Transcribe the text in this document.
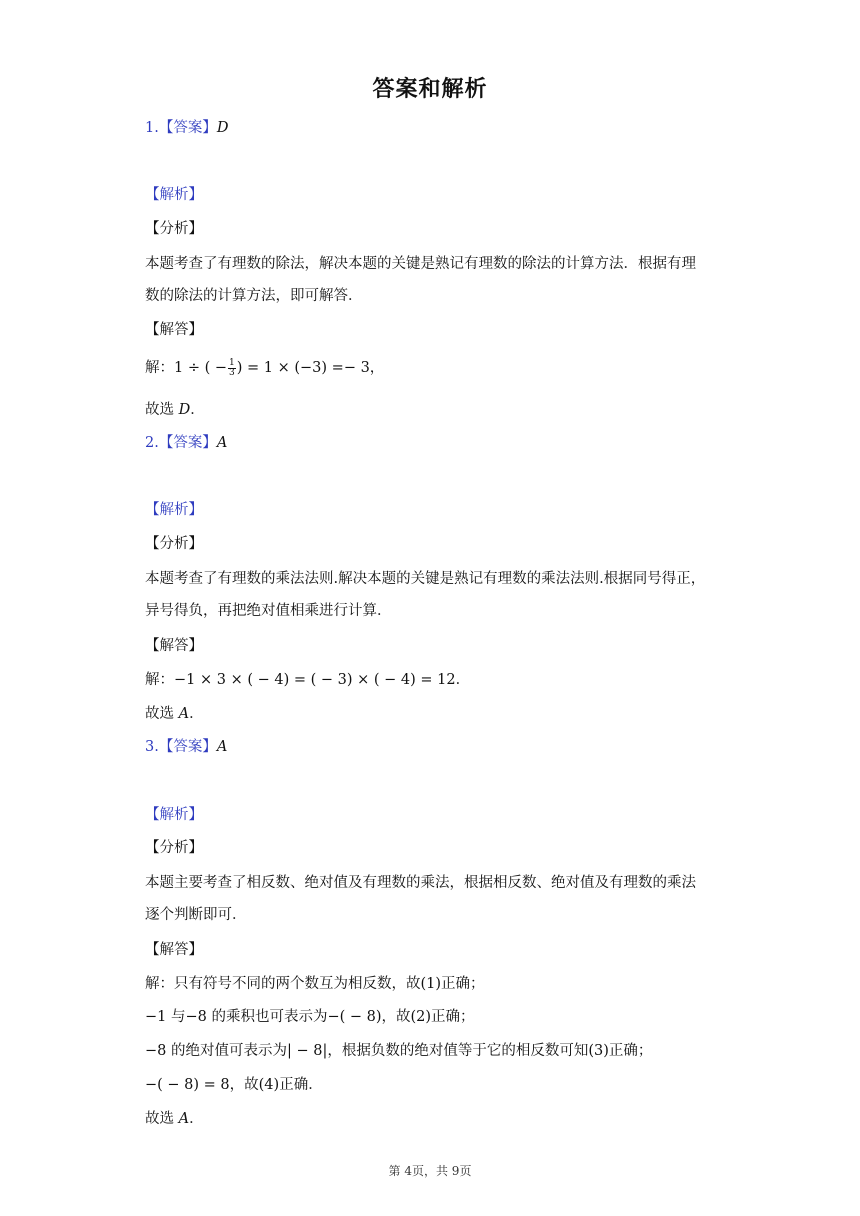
答案和解析
1.【答案】D
【解析】
【分析】
本题考查了有理数的除法，解决本题的关键是熟记有理数的除法的计算方法．根据有理
数的除法的计算方法，即可解答．
【解答】
解：1 ÷ ( − $\frac{1}{3}$ ) = 1 × (−3) =− 3，
故选 D．
2.【答案】A
【解析】
【分析】
本题考查了有理数的乘法法则.解决本题的关键是熟记有理数的乘法法则.根据同号得正，
异号得负，再把绝对值相乘进行计算．
【解答】
解：−1 × 3 × ( − 4) = ( − 3) × ( − 4) = 12．
故选 A．
3.【答案】A
【解析】
【分析】
本题主要考查了相反数、绝对值及有理数的乘法，根据相反数、绝对值及有理数的乘法
逐个判断即可．
【解答】
解：只有符号不同的两个数互为相反数，故(1)正确；
−1 与−8 的乘积也可表示为−( − 8)，故(2)正确；
−8 的绝对值可表示为| − 8|，根据负数的绝对值等于它的相反数可知(3)正确；
−( − 8) = 8，故(4)正确．
故选 A．
第 4页，共 9页
